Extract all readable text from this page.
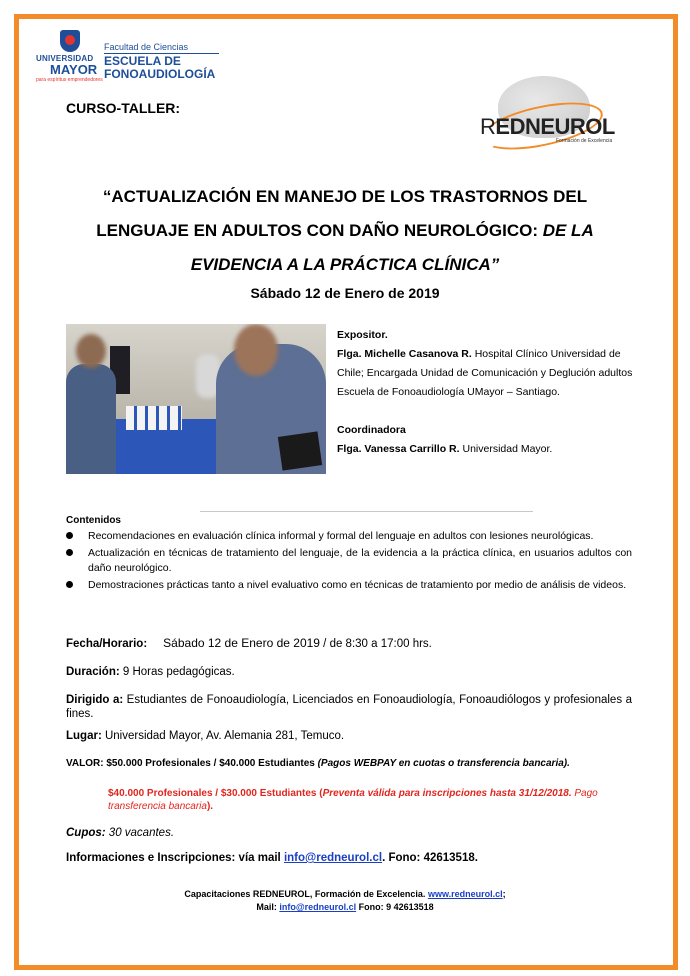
UNIVERSIDAD
MAYOR
para espíritus emprendedores
Facultad de Ciencias
ESCUELA DE
FONOAUDIOLOGÍA
CURSO-TALLER:
REDNEUROL
Formación de Excelencia
“ACTUALIZACIÓN EN MANEJO DE LOS TRASTORNOS DEL
LENGUAJE EN ADULTOS CON DAÑO NEUROLÓGICO: DE LA
EVIDENCIA A LA PRÁCTICA CLÍNICA”
Sábado 12 de Enero de 2019
Expositor.
Flga. Michelle Casanova R. Hospital Clínico Universidad de Chile; Encargada Unidad de Comunicación y Deglución adultos Escuela de Fonoaudiología UMayor – Santiago.
Coordinadora
Flga. Vanessa Carrillo R. Universidad Mayor.
Contenidos
Recomendaciones en evaluación clínica informal y formal del lenguaje en adultos con lesiones neurológicas.
Actualización en técnicas de tratamiento del lenguaje, de la evidencia a la práctica clínica, en usuarios adultos con daño neurológico.
Demostraciones prácticas tanto a nivel evaluativo como en técnicas de tratamiento por medio de análisis de videos.
Fecha/Horario: Sábado 12 de Enero de 2019 / de 8:30 a 17:00 hrs.
Duración: 9 Horas pedagógicas.
Dirigido a: Estudiantes de Fonoaudiología, Licenciados en Fonoaudiología, Fonoaudiólogos y profesionales a fines.
Lugar: Universidad Mayor, Av. Alemania 281, Temuco.
VALOR: $50.000 Profesionales / $40.000 Estudiantes (Pagos WEBPAY en cuotas o transferencia bancaria).
$40.000 Profesionales / $30.000 Estudiantes (Preventa válida para inscripciones hasta 31/12/2018. Pago transferencia bancaria).
Cupos: 30 vacantes.
Informaciones e Inscripciones: vía mail info@redneurol.cl. Fono: 42613518.
Capacitaciones REDNEUROL, Formación de Excelencia. www.redneurol.cl;
Mail: info@redneurol.cl Fono: 9 42613518
